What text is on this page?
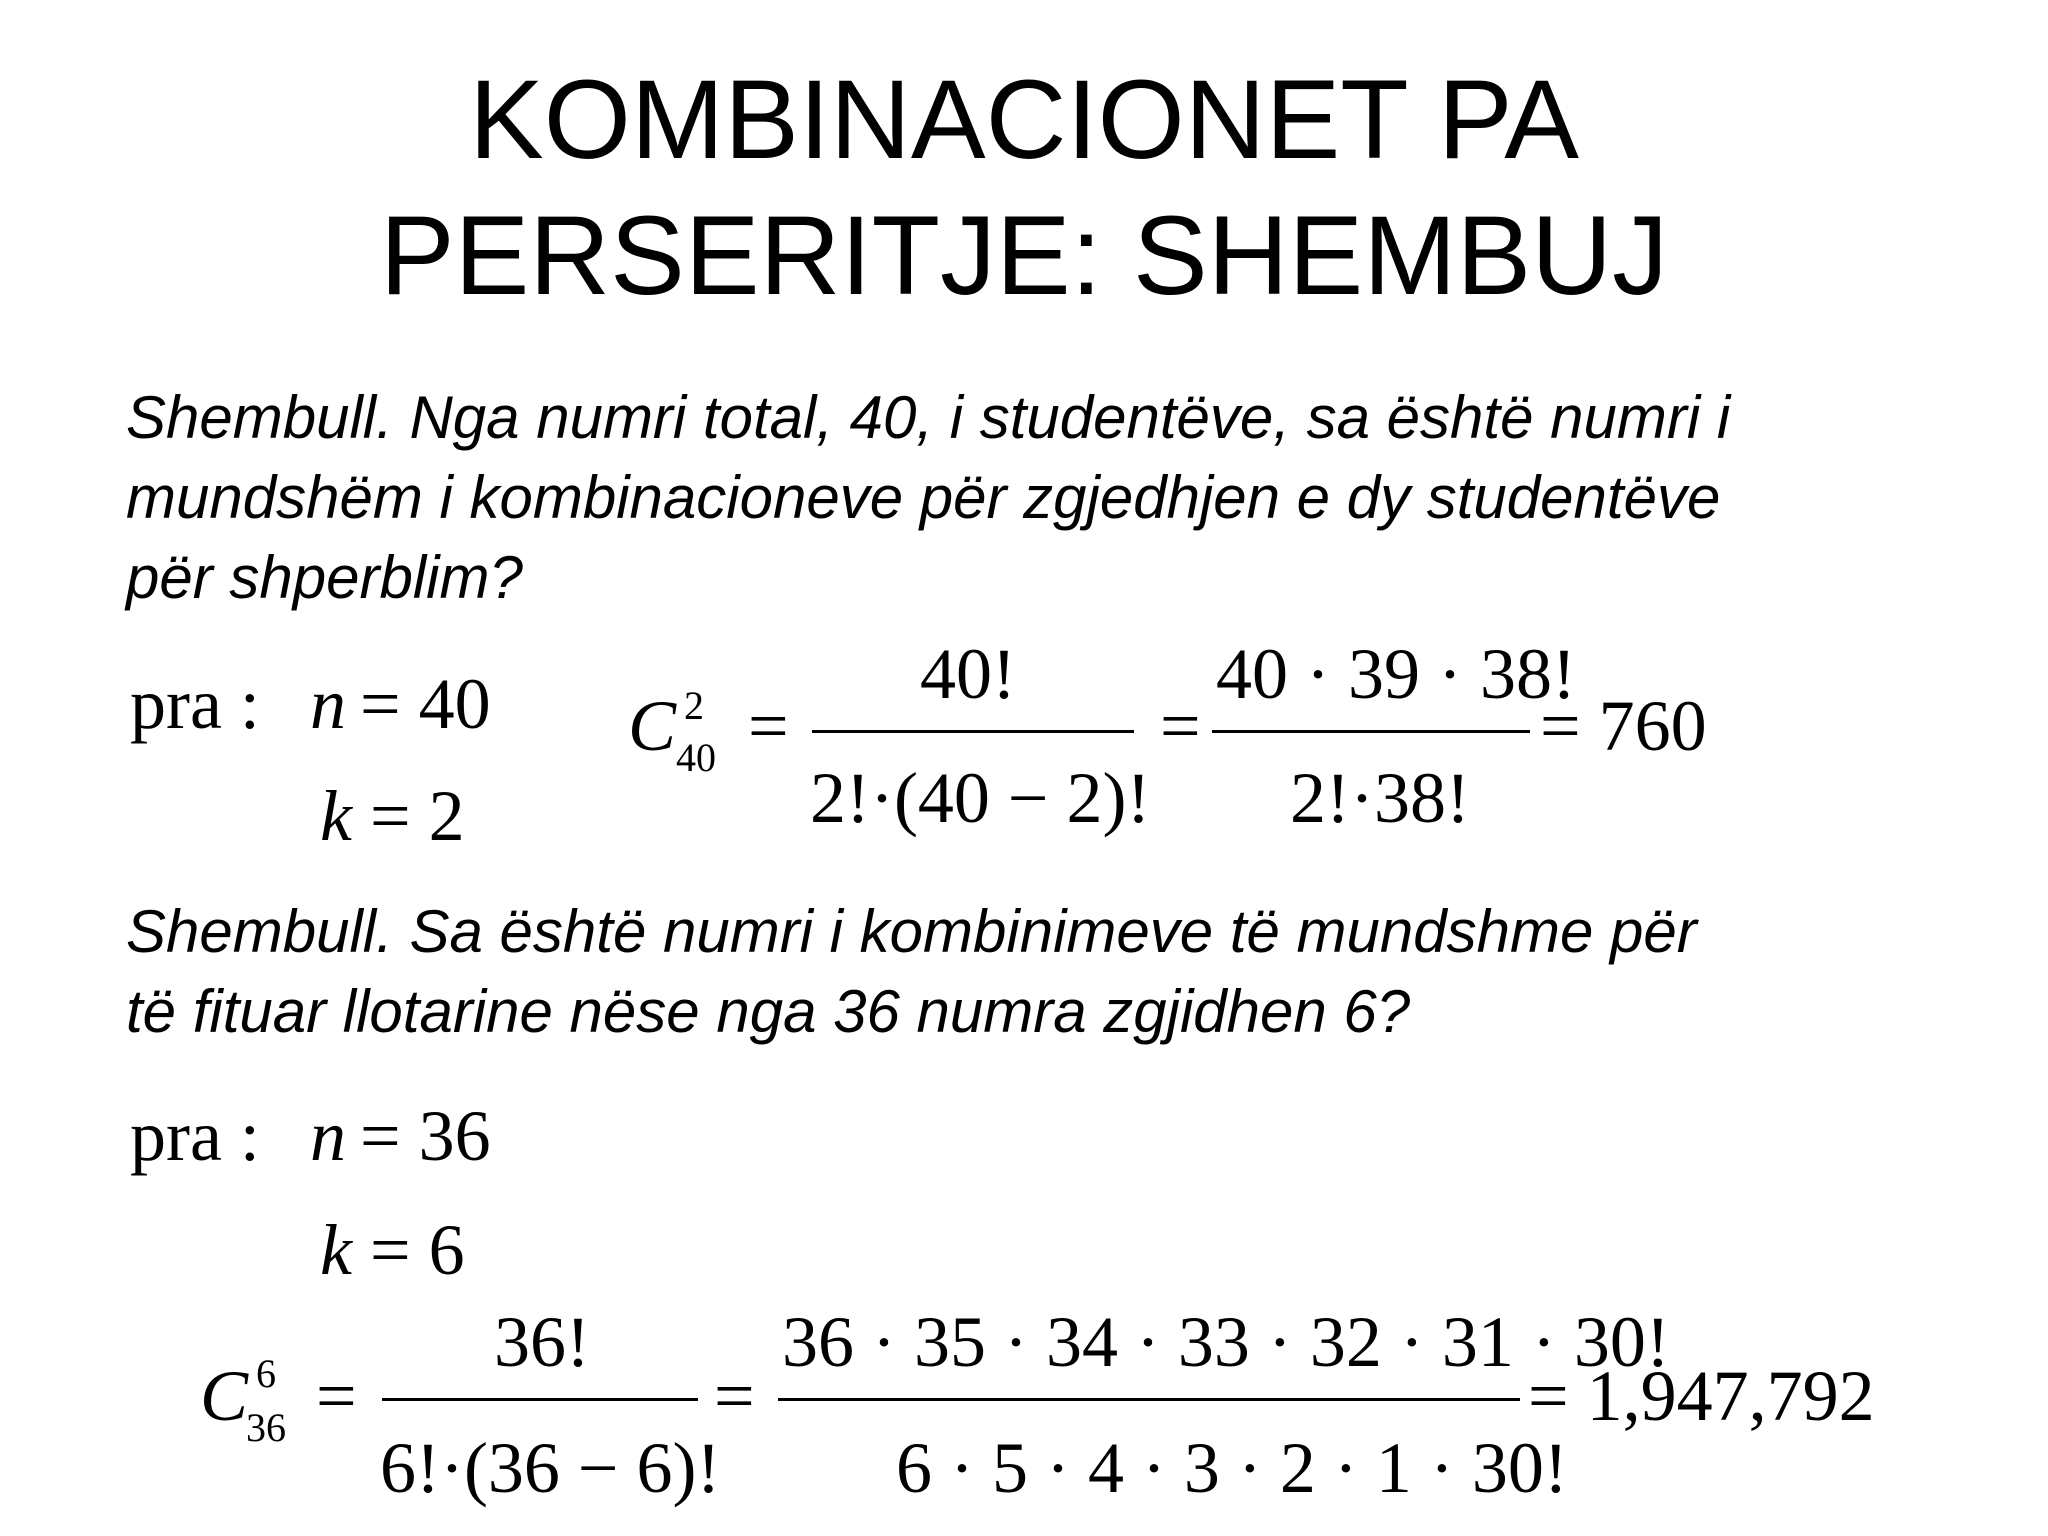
KOMBINACIONET PA
PERSERITJE: SHEMBUJ
Shembull. Nga numri total, 40, i studentëve, sa është numri i
mundshëm i kombinacioneve për zgjedhjen e dy studentëve
për shperblim?
pra : n = 40
k = 2
C 2
40 =
40!
2!·(40 − 2)!
=
40 · 39 · 38!
2!·38!
= 760
Shembull. Sa është numri i kombinimeve të mundshme për
të fituar llotarine nëse nga 36 numra zgjidhen 6?
pra : n = 36
k = 6
C 6
36 =
36!
6!·(36 − 6)!
=
36 · 35 · 34 · 33 · 32 · 31 · 30!
6 · 5 · 4 · 3 · 2 · 1 · 30!
= 1,947,792
